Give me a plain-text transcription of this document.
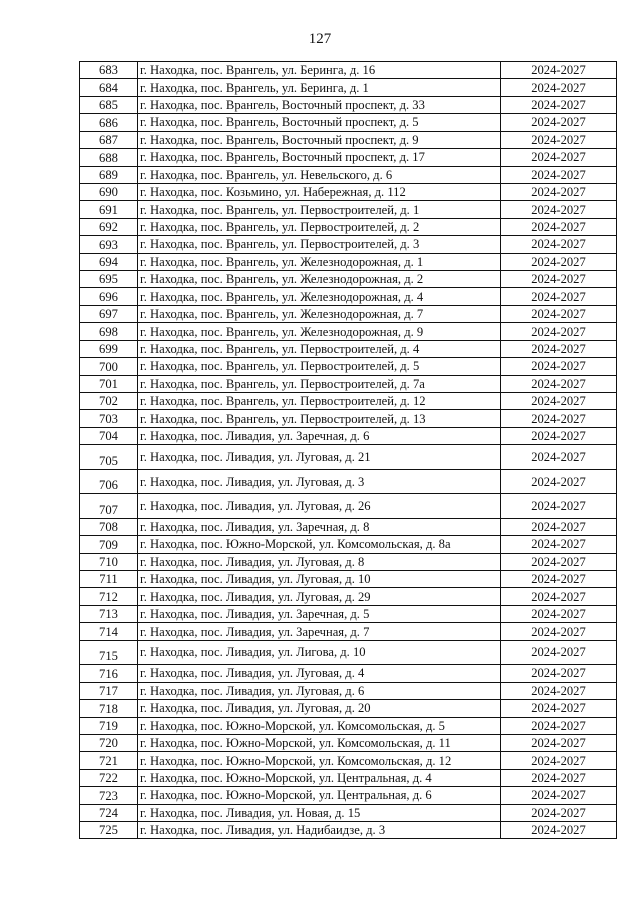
127
683	г. Находка, пос. Врангель, ул. Беринга, д. 16	2024-2027
684	г. Находка, пос. Врангель, ул. Беринга, д. 1	2024-2027
685	г. Находка, пос. Врангель, Восточный проспект, д. 33	2024-2027
686	г. Находка, пос. Врангель, Восточный проспект, д. 5	2024-2027
687	г. Находка, пос. Врангель, Восточный проспект, д. 9	2024-2027
688	г. Находка, пос. Врангель, Восточный проспект, д. 17	2024-2027
689	г. Находка, пос. Врангель, ул. Невельского, д. 6	2024-2027
690	г. Находка, пос. Козьмино, ул. Набережная, д. 112	2024-2027
691	г. Находка, пос. Врангель, ул. Первостроителей, д. 1	2024-2027
692	г. Находка, пос. Врангель, ул. Первостроителей, д. 2	2024-2027
693	г. Находка, пос. Врангель, ул. Первостроителей, д. 3	2024-2027
694	г. Находка, пос. Врангель, ул. Железнодорожная, д. 1	2024-2027
695	г. Находка, пос. Врангель, ул. Железнодорожная, д. 2	2024-2027
696	г. Находка, пос. Врангель, ул. Железнодорожная, д. 4	2024-2027
697	г. Находка, пос. Врангель, ул. Железнодорожная, д. 7	2024-2027
698	г. Находка, пос. Врангель, ул. Железнодорожная, д. 9	2024-2027
699	г. Находка, пос. Врангель, ул. Первостроителей, д. 4	2024-2027
700	г. Находка, пос. Врангель, ул. Первостроителей, д. 5	2024-2027
701	г. Находка, пос. Врангель, ул. Первостроителей, д. 7а	2024-2027
702	г. Находка, пос. Врангель, ул. Первостроителей, д. 12	2024-2027
703	г. Находка, пос. Врангель, ул. Первостроителей, д. 13	2024-2027
704	г. Находка, пос. Ливадия, ул. Заречная, д. 6	2024-2027
705	г. Находка, пос. Ливадия, ул. Луговая, д. 21	2024-2027
706	г. Находка, пос. Ливадия, ул. Луговая, д. 3	2024-2027
707	г. Находка, пос. Ливадия, ул. Луговая, д. 26	2024-2027
708	г. Находка, пос. Ливадия, ул. Заречная, д. 8	2024-2027
709	г. Находка, пос. Южно-Морской, ул. Комсомольская, д. 8а	2024-2027
710	г. Находка, пос. Ливадия, ул. Луговая, д. 8	2024-2027
711	г. Находка, пос. Ливадия, ул. Луговая, д. 10	2024-2027
712	г. Находка, пос. Ливадия, ул. Луговая, д. 29	2024-2027
713	г. Находка, пос. Ливадия, ул. Заречная, д. 5	2024-2027
714	г. Находка, пос. Ливадия, ул. Заречная, д. 7	2024-2027
715	г. Находка, пос. Ливадия, ул. Лигова, д. 10	2024-2027
716	г. Находка, пос. Ливадия, ул. Луговая, д. 4	2024-2027
717	г. Находка, пос. Ливадия, ул. Луговая, д. 6	2024-2027
718	г. Находка, пос. Ливадия, ул. Луговая, д. 20	2024-2027
719	г. Находка, пос. Южно-Морской, ул. Комсомольская, д. 5	2024-2027
720	г. Находка, пос. Южно-Морской, ул. Комсомольская, д. 11	2024-2027
721	г. Находка, пос. Южно-Морской, ул. Комсомольская, д. 12	2024-2027
722	г. Находка, пос. Южно-Морской, ул. Центральная, д. 4	2024-2027
723	г. Находка, пос. Южно-Морской, ул. Центральная, д. 6	2024-2027
724	г. Находка, пос. Ливадия, ул. Новая, д. 15	2024-2027
725	г. Находка, пос. Ливадия, ул. Надибаидзе, д. 3	2024-2027
